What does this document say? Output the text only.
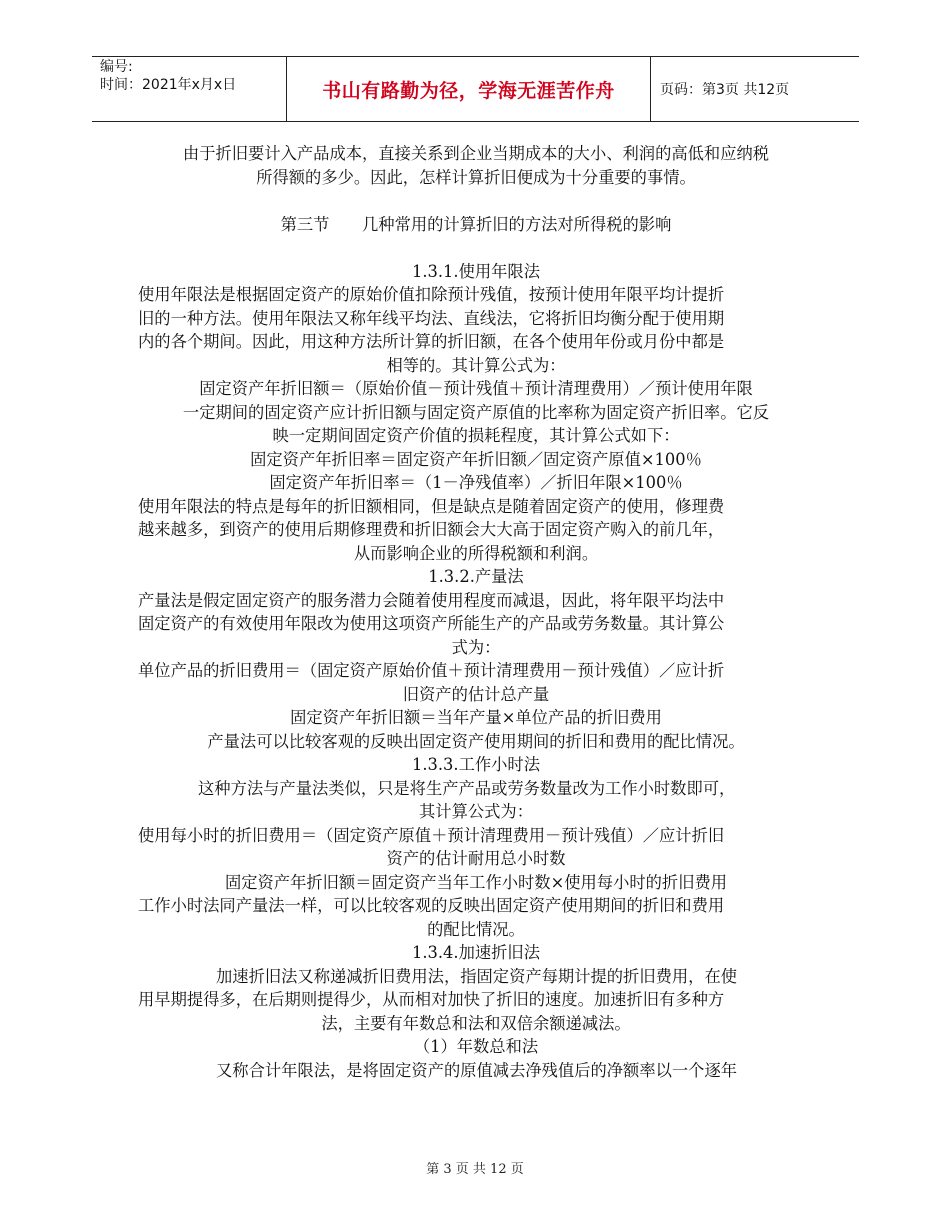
编号:
时间：2021年x月x日	书山有路勤为径，学海无涯苦作舟	页码：第3页 共12页
由于折旧要计入产品成本，直接关系到企业当期成本的大小、利润的高低和应纳税
所得额的多少。因此，怎样计算折旧便成为十分重要的事情。
第三节　　几种常用的计算折旧的方法对所得税的影响
1.3.1.使用年限法
使用年限法是根据固定资产的原始价值扣除预计残值，按预计使用年限平均计提折
旧的一种方法。使用年限法又称年线平均法、直线法，它将折旧均衡分配于使用期
内的各个期间。因此，用这种方法所计算的折旧额，在各个使用年份或月份中都是
相等的。其计算公式为：
固定资产年折旧额＝（原始价值－预计残值＋预计清理费用）／预计使用年限
一定期间的固定资产应计折旧额与固定资产原值的比率称为固定资产折旧率。它反
映一定期间固定资产价值的损耗程度，其计算公式如下：
固定资产年折旧率＝固定资产年折旧额／固定资产原值×100％
固定资产年折旧率＝（1－净残值率）／折旧年限×100％
使用年限法的特点是每年的折旧额相同，但是缺点是随着固定资产的使用，修理费
越来越多，到资产的使用后期修理费和折旧额会大大高于固定资产购入的前几年，
从而影响企业的所得税额和利润。
1.3.2.产量法
产量法是假定固定资产的服务潜力会随着使用程度而减退，因此，将年限平均法中
固定资产的有效使用年限改为使用这项资产所能生产的产品或劳务数量。其计算公
式为：
单位产品的折旧费用＝（固定资产原始价值＋预计清理费用－预计残值）／应计折
旧资产的估计总产量
固定资产年折旧额＝当年产量×单位产品的折旧费用
产量法可以比较客观的反映出固定资产使用期间的折旧和费用的配比情况。
1.3.3.工作小时法
这种方法与产量法类似，只是将生产产品或劳务数量改为工作小时数即可，
其计算公式为：
使用每小时的折旧费用＝（固定资产原值＋预计清理费用－预计残值）／应计折旧
资产的估计耐用总小时数
固定资产年折旧额＝固定资产当年工作小时数×使用每小时的折旧费用
工作小时法同产量法一样，可以比较客观的反映出固定资产使用期间的折旧和费用
的配比情况。
1.3.4.加速折旧法
加速折旧法又称递减折旧费用法，指固定资产每期计提的折旧费用，在使
用早期提得多，在后期则提得少，从而相对加快了折旧的速度。加速折旧有多种方
法，主要有年数总和法和双倍余额递减法。
（1）年数总和法
又称合计年限法，是将固定资产的原值减去净残值后的净额率以一个逐年
第 3 页 共 12 页
